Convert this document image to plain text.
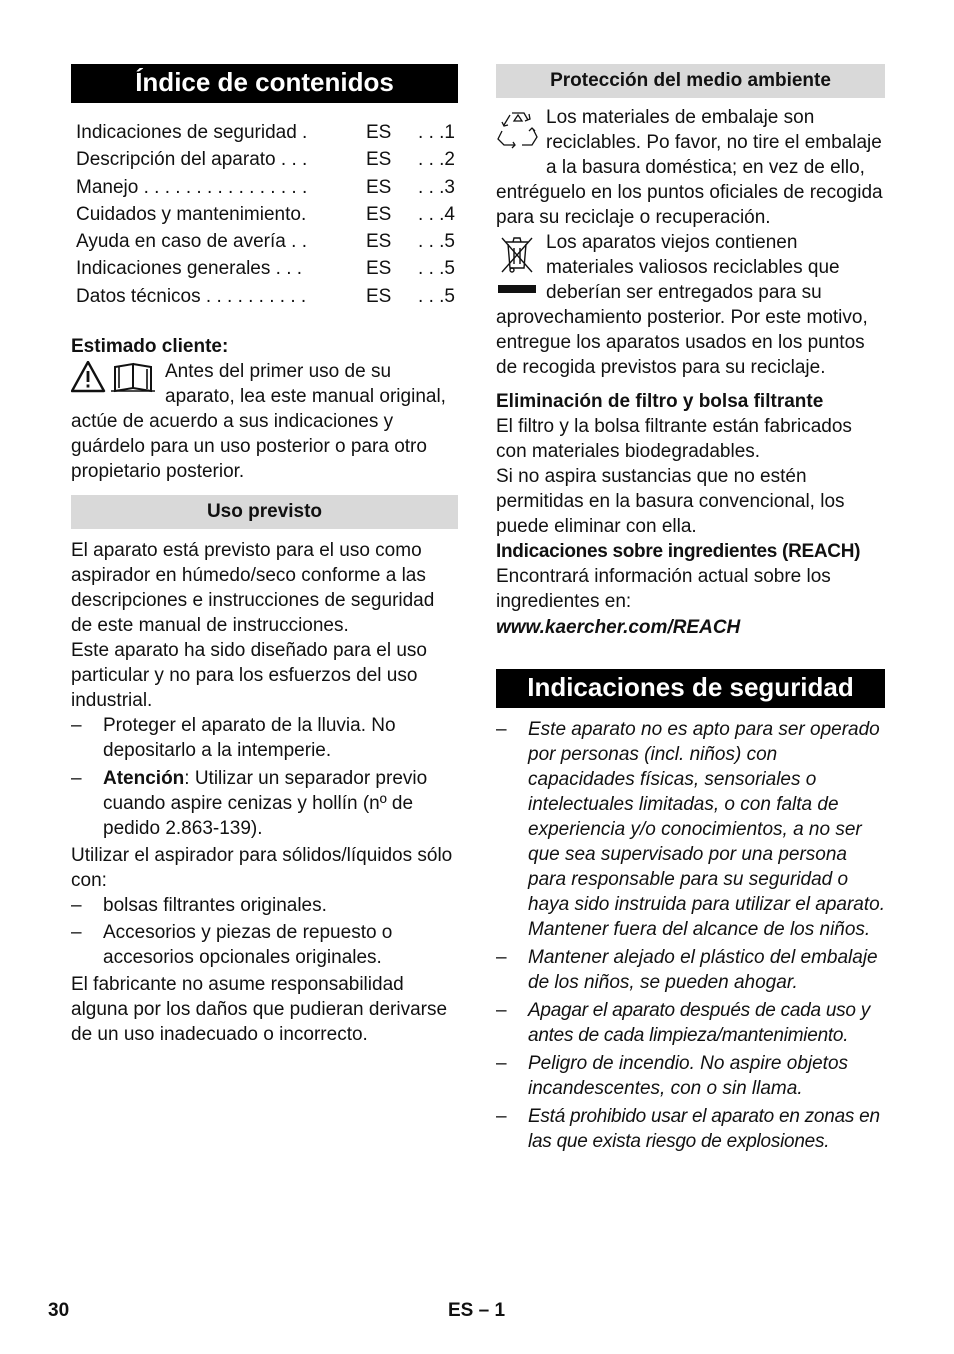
Índice de contenidos
Indicaciones de seguridad .	ES	. . .1
Descripción del aparato . . .	ES	. . .2
Manejo . . . . . . . . . . . . . . . .	ES	. . .3
Cuidados y mantenimiento.	ES	. . .4
Ayuda en caso de avería . .	ES	. . .5
Indicaciones generales . . .	ES	. . .5
Datos técnicos . . . . . . . . . .	ES	. . .5
Estimado cliente:

Antes del primer uso de su aparato, lea este manual original, actúe de acuerdo a sus indicaciones y guárdelo para un uso posterior o para otro propietario posterior.

Uso previsto

El aparato está previsto para el uso como aspirador en húmedo/seco conforme a las descripciones e instrucciones de seguridad de este manual de instrucciones.

Este aparato ha sido diseñado para el uso particular y no para los esfuerzos del uso industrial.

–	Proteger el aparato de la lluvia. No depositarlo a la intemperie.
–	Atención: Utilizar un separador previo cuando aspire cenizas y hollín (nº de pedido 2.863-139).

Utilizar el aspirador para sólidos/líquidos sólo con:

–	bolsas filtrantes originales.
–	Accesorios y piezas de repuesto o accesorios opcionales originales.

El fabricante no asume responsabilidad alguna por los daños que pudieran derivarse de un uso inadecuado o incorrecto.

Protección del medio ambiente

Los materiales de embalaje son reciclables. Po favor, no tire el embalaje a la basura doméstica; en vez de ello, entréguelo en los puntos oficiales de recogida para su reciclaje o recuperación.

Los aparatos viejos contienen materiales valiosos reciclables que deberían ser entregados para su aprovechamiento posterior. Por este motivo, entregue los aparatos usados en los puntos de recogida previstos para su reciclaje.

Eliminación de filtro y bolsa filtrante

El filtro y la bolsa filtrante están fabricados con materiales biodegradables.

Si no aspira sustancias que no estén permitidas en la basura convencional, los puede eliminar con ella.

Indicaciones sobre ingredientes (REACH)

Encontrará información actual sobre los ingredientes en:

www.kaercher.com/REACH

Indicaciones de seguridad
–	Este aparato no es apto para ser operado por personas (incl. niños) con capacidades físicas, sensoriales o intelectuales limitadas, o con falta de experiencia y/o conocimientos, a no ser que sea supervisado por una persona para responsable para su seguridad o haya sido instruida para utilizar el aparato. Mantener fuera del alcance de los niños.
–	Mantener alejado el plástico del embalaje de los niños, se pueden ahogar.
–	Apagar el aparato después de cada uso y antes de cada limpieza/mantenimiento.
–	Peligro de incendio. No aspire objetos incandescentes, con o sin llama.
–	Está prohibido usar el aparato en zonas en las que exista riesgo de explosiones.
30	ES – 1
